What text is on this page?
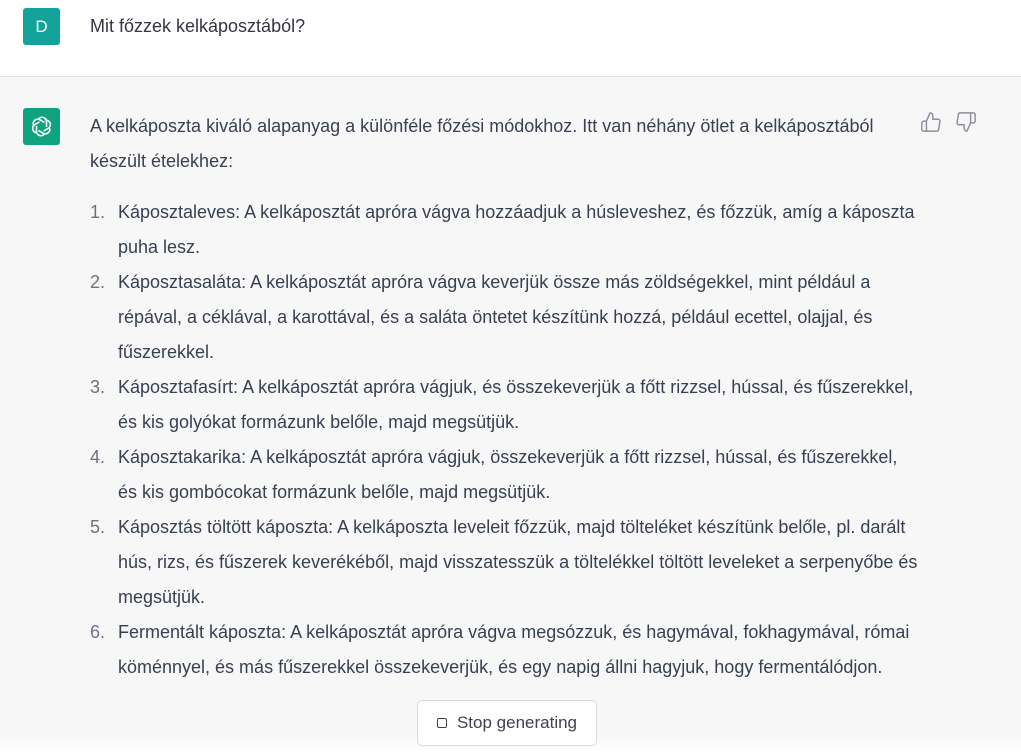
D	Mit főzzek kelkáposztából?

A kelkáposzta kiváló alapanyag a különféle főzési módokhoz. Itt van néhány ötlet a kelkáposztából készült ételekhez:

1. Káposztaleves: A kelkáposztát apróra vágva hozzáadjuk a húsleveshez, és főzzük, amíg a káposzta puha lesz.
2. Káposztasaláta: A kelkáposztát apróra vágva keverjük össze más zöldségekkel, mint például a répával, a céklával, a karottával, és a saláta öntetet készítünk hozzá, például ecettel, olajjal, és fűszerekkel.
3. Káposztafasírt: A kelkáposztát apróra vágjuk, és összekeverjük a főtt rizzsel, hússal, és fűszerekkel, és kis golyókat formázunk belőle, majd megsütjük.
4. Káposztakarika: A kelkáposztát apróra vágjuk, összekeverjük a főtt rizzsel, hússal, és fűszerekkel, és kis gombócokat formázunk belőle, majd megsütjük.
5. Káposztás töltött káposzta: A kelkáposzta leveleit főzzük, majd tölteléket készítünk belőle, pl. darált hús, rizs, és fűszerek keverékéből, majd visszatesszük a töltelékkel töltött leveleket a serpenyőbe és megsütjük.
6. Fermentált káposzta: A kelkáposztát apróra vágva megsózzuk, és hagymával, fokhagymával, római köménnyel, és más fűszerekkel összekeverjük, és egy napig állni hagyjuk, hogy fermentálódjon.
Stop generating
